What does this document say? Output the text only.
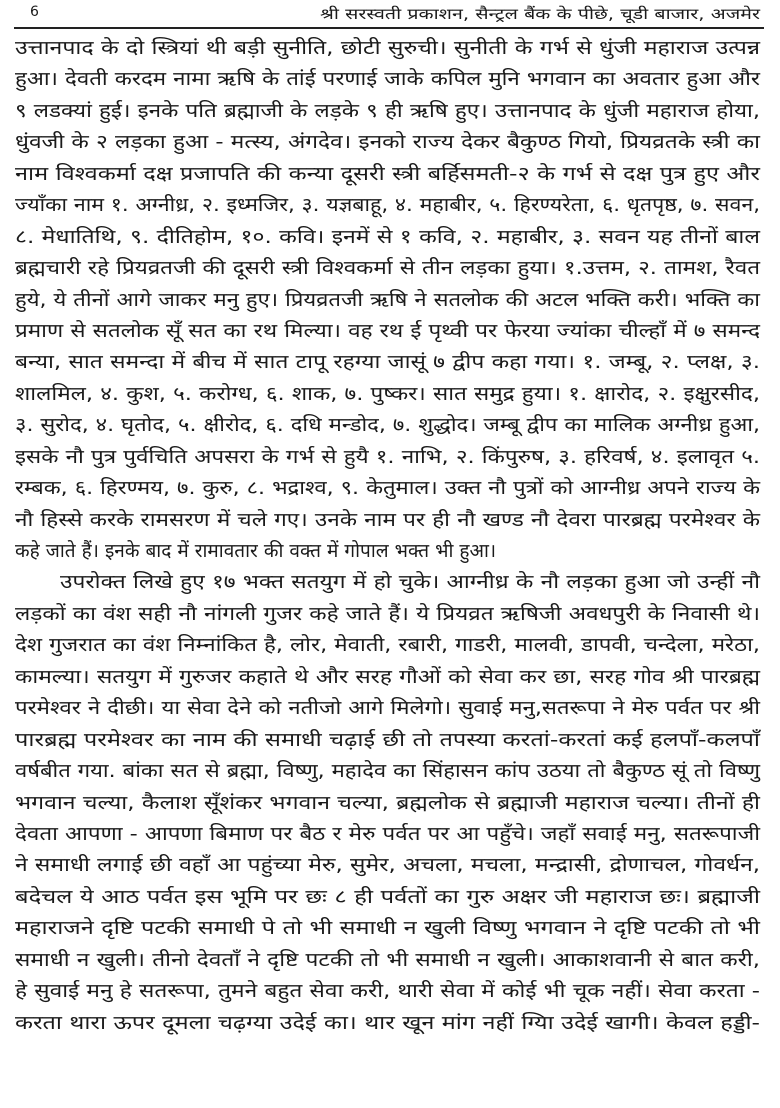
6	श्री सरस्वती प्रकाशन, सैन्ट्रल बैंक के पीछे, चूडी बाजार, अजमेर
उत्तानपाद के दो स्त्रियां थी बड़ी सुनीति, छोटी सुरुची। सुनीती के गर्भ से धुंजी महाराज उत्पन्न
हुआ। देवती करदम नामा ऋषि के तांई परणाई जाके कपिल मुनि भगवान का अवतार हुआ और
९ लडक्यां हुई। इनके पति ब्रह्माजी के लड़के ९ ही ऋषि हुए। उत्तानपाद के धुंजी महाराज होया,
धुंवजी के २ लड़का हुआ - मत्स्य, अंगदेव। इनको राज्य देकर बैकुण्ठ गियो, प्रियव्रतके स्त्री का
नाम विश्वकर्मा दक्ष प्रजापति की कन्या दूसरी स्त्री बर्हिसमती-२ के गर्भ से दक्ष पुत्र हुए और
ज्याँका नाम १. अग्नीध्र, २. इध्मजिर, ३. यज्ञबाहू, ४. महाबीर, ५. हिरण्यरेता, ६. धृतपृष्ठ, ७. सवन,
८. मेधातिथि, ९. दीतिहोम, १०. कवि। इनमें से १ कवि, २. महाबीर, ३. सवन यह तीनों बाल
ब्रह्मचारी रहे प्रियव्रतजी की दूसरी स्त्री विश्वकर्मा से तीन लड़का हुया। १.उत्तम, २. तामश, रैवत
हुये, ये तीनों आगे जाकर मनु हुए। प्रियव्रतजी ऋषि ने सतलोक की अटल भक्ति करी। भक्ति का
प्रमाण से सतलोक सूँ सत का रथ मिल्या। वह रथ ई पृथ्वी पर फेरया ज्यांका चील्हाँ में ७ समन्द
बन्या, सात समन्दा में बीच में सात टापू रहग्या जासूं ७ द्वीप कहा गया। १. जम्बू, २. प्लक्ष, ३.
शालमिल, ४. कुश, ५. करोग्ध, ६. शाक, ७. पुष्कर। सात समुद्र हुया। १. क्षारोद, २. इक्षुरसीद,
३. सुरोद, ४. घृतोद, ५. क्षीरोद, ६. दधि मन्डोद, ७. शुद्धोद। जम्बू द्वीप का मालिक अग्नीध्र हुआ,
इसके नौ पुत्र पुर्वचिति अपसरा के गर्भ से हुयै १. नाभि, २. किंपुरुष, ३. हरिवर्ष, ४. इलावृत ५.
रम्बक, ६. हिरण्मय, ७. कुरु, ८. भद्राश्व, ९. केतुमाल। उक्त नौ पुत्रों को आग्नीध्र अपने राज्य के
नौ हिस्से करके रामसरण में चले गए। उनके नाम पर ही नौ खण्ड नौ देवरा पारब्रह्म परमेश्वर के
कहे जाते हैं। इनके बाद में रामावतार की वक्त में गोपाल भक्त भी हुआ।
उपरोक्त लिखे हुए १७ भक्त सतयुग में हो चुके। आग्नीध्र के नौ लड़का हुआ जो उन्हीं नौ
लड़कों का वंश सही नौ नांगली गुजर कहे जाते हैं। ये प्रियव्रत ऋषिजी अवधपुरी के निवासी थे।
देश गुजरात का वंश निम्नांकित है, लोर, मेवाती, रबारी, गाडरी, मालवी, डापवी, चन्देला, मरेठा,
कामल्या। सतयुग में गुरुजर कहाते थे और सरह गौओं को सेवा कर छा, सरह गोव श्री पारब्रह्म
परमेश्वर ने दीछी। या सेवा देने को नतीजो आगे मिलेगो। सुवाई मनु,सतरूपा ने मेरु पर्वत पर श्री
पारब्रह्म परमेश्वर का नाम की समाधी चढ़ाई छी तो तपस्या करतां-करतां कई हलपाँ-कलपाँ
वर्षबीत गया. बांका सत से ब्रह्मा, विष्णु, महादेव का सिंहासन कांप उठया तो बैकुण्ठ सूं तो विष्णु
भगवान चल्या, कैलाश सूँशंकर भगवान चल्या, ब्रह्मलोक से ब्रह्माजी महाराज चल्या। तीनों ही
देवता आपणा - आपणा बिमाण पर बैठ र मेरु पर्वत पर आ पहुँचे। जहाँ सवाई मनु, सतरूपाजी
ने समाधी लगाई छी वहाँ आ पहुंच्या मेरु, सुमेर, अचला, मचला, मन्द्रासी, द्रोणाचल, गोवर्धन,
बदेचल ये आठ पर्वत इस भूमि पर छः ८ ही पर्वतों का गुरु अक्षर जी महाराज छः। ब्रह्माजी
महाराजने दृष्टि पटकी समाधी पे तो भी समाधी न खुली विष्णु भगवान ने दृष्टि पटकी तो भी
समाधी न खुली। तीनो देवताँ ने दृष्टि पटकी तो भी समाधी न खुली। आकाशवानी से बात करी,
हे सुवाई मनु हे सतरूपा, तुमने बहुत सेवा करी, थारी सेवा में कोई भी चूक नहीं। सेवा करता -
करता थारा ऊपर दूमला चढ़ग्या उदेई का। थार खून मांग नहीं ग्यिा उदेई खागी। केवल हड्डी-
